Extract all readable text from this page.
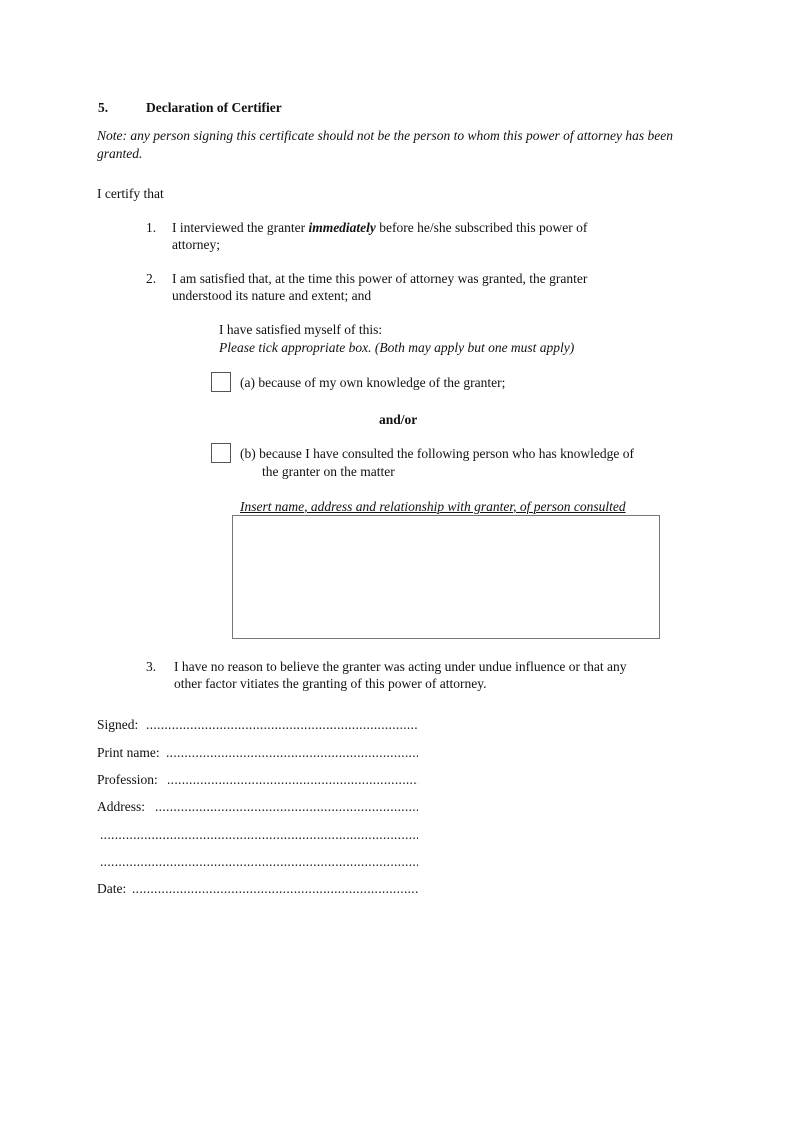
5.	Declaration of Certifier
Note: any person signing this certificate should not be the person to whom this power of attorney has been granted.
I certify that
1. I interviewed the granter immediately before he/she subscribed this power of
attorney;
2. I am satisfied that, at the time this power of attorney was granted, the granter
understood its nature and extent; and
I have satisfied myself of this:
Please tick appropriate box. (Both may apply but one must apply)
(a) because of my own knowledge of the granter;
and/or
(b) because I have consulted the following person who has knowledge of
the granter on the matter
Insert name, address and relationship with granter, of person consulted
3. I have no reason to believe the granter was acting under undue influence or that any
other factor vitiates the granting of this power of attorney.
Signed:
.....
Print name:
.....
Profession:
.....
Address:
.....
.....
.....
Date:
.....
